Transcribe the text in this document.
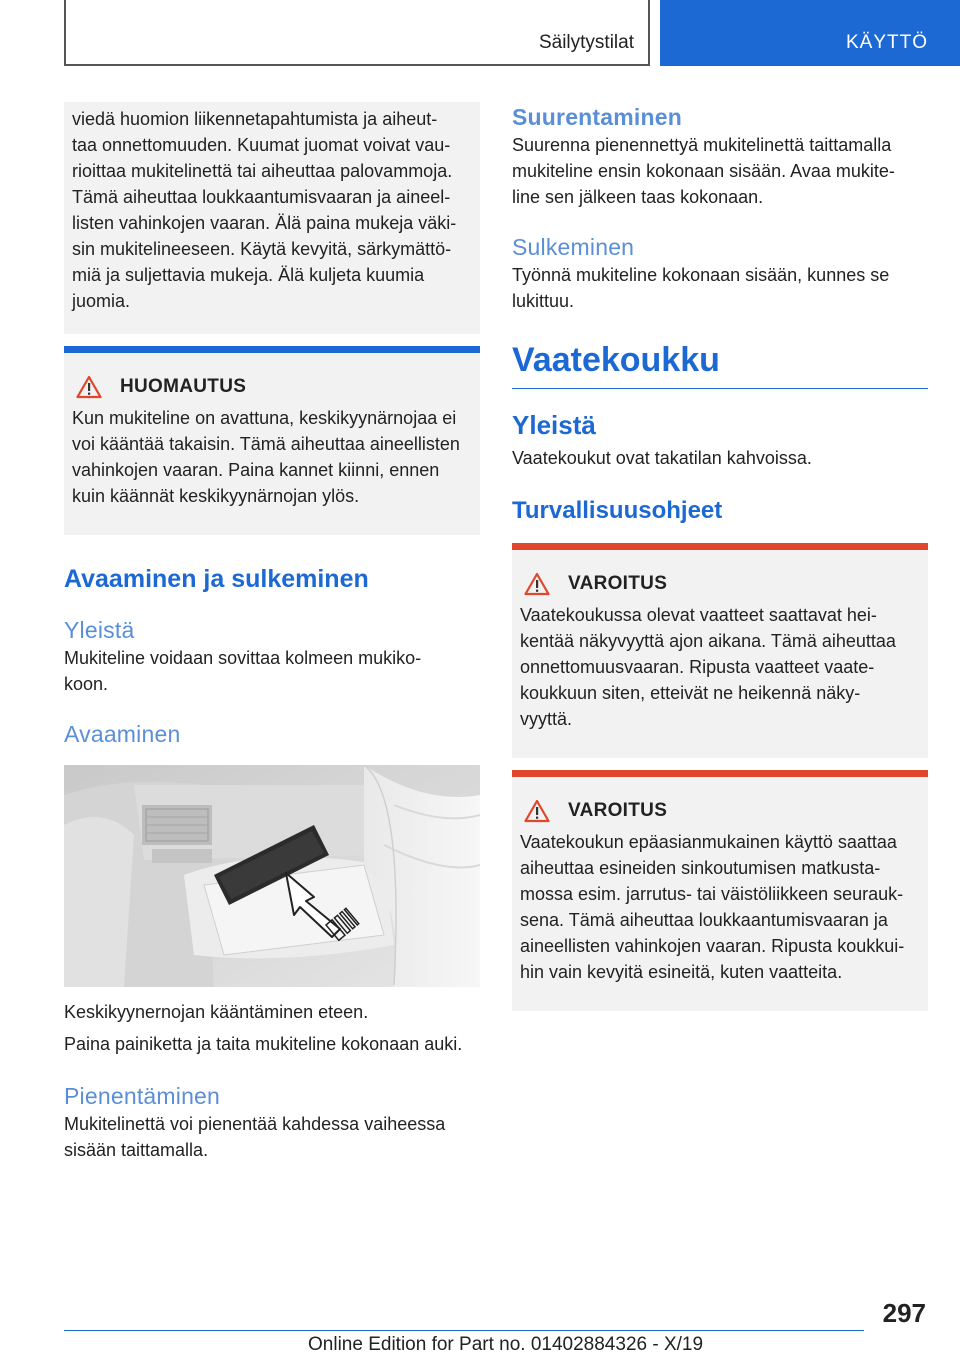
Säilytystilat	KÄYTTÖ

viedä huomion liikennetapahtumista ja aiheut-
taa onnettomuuden. Kuumat juomat voivat vau-
rioittaa mukitelinettä tai aiheuttaa palovammoja.
Tämä aiheuttaa loukkaantumisvaaran ja aineel-
listen vahinkojen vaaran. Älä paina mukeja väki-
sin mukitelineeseen. Käytä kevyitä, särkymättö-
miä ja suljettavia mukeja. Älä kuljeta kuumia
juomia.

HUOMAUTUS

Kun mukiteline on avattuna, keskikyynärnojaa ei
voi kääntää takaisin. Tämä aiheuttaa aineellisten
vahinkojen vaaran. Paina kannet kiinni, ennen
kuin käännät keskikyynärnojan ylös.

Avaaminen ja sulkeminen
Yleistä

Mukiteline voidaan sovittaa kolmeen mukiko-
koon.

Avaaminen

Keskikyynernojan kääntäminen eteen.

Paina painiketta ja taita mukiteline kokonaan auki.

Pienentäminen

Mukitelinettä voi pienentää kahdessa vaiheessa
sisään taittamalla.

Suurentaminen

Suurenna pienennettyä mukitelinettä taittamalla
mukiteline ensin kokonaan sisään. Avaa mukite-
line sen jälkeen taas kokonaan.

Sulkeminen

Työnnä mukiteline kokonaan sisään, kunnes se
lukittuu.

Vaatekoukku
Yleistä

Vaatekoukut ovat takatilan kahvoissa.

Turvallisuusohjeet
VAROITUS

Vaatekoukussa olevat vaatteet saattavat hei-
kentää näkyvyyttä ajon aikana. Tämä aiheuttaa
onnettomuusvaaran. Ripusta vaatteet vaate-
koukkuun siten, etteivät ne heikennä näky-
vyyttä.

VAROITUS

Vaatekoukun epäasianmukainen käyttö saattaa
aiheuttaa esineiden sinkoutumisen matkusta-
mossa esim. jarrutus- tai väistöliikkeen seurauk-
sena. Tämä aiheuttaa loukkaantumisvaaran ja
aineellisten vahinkojen vaaran. Ripusta koukkui-
hin vain kevyitä esineitä, kuten vaatteita.

297
Online Edition for Part no. 01402884326 - X/19
